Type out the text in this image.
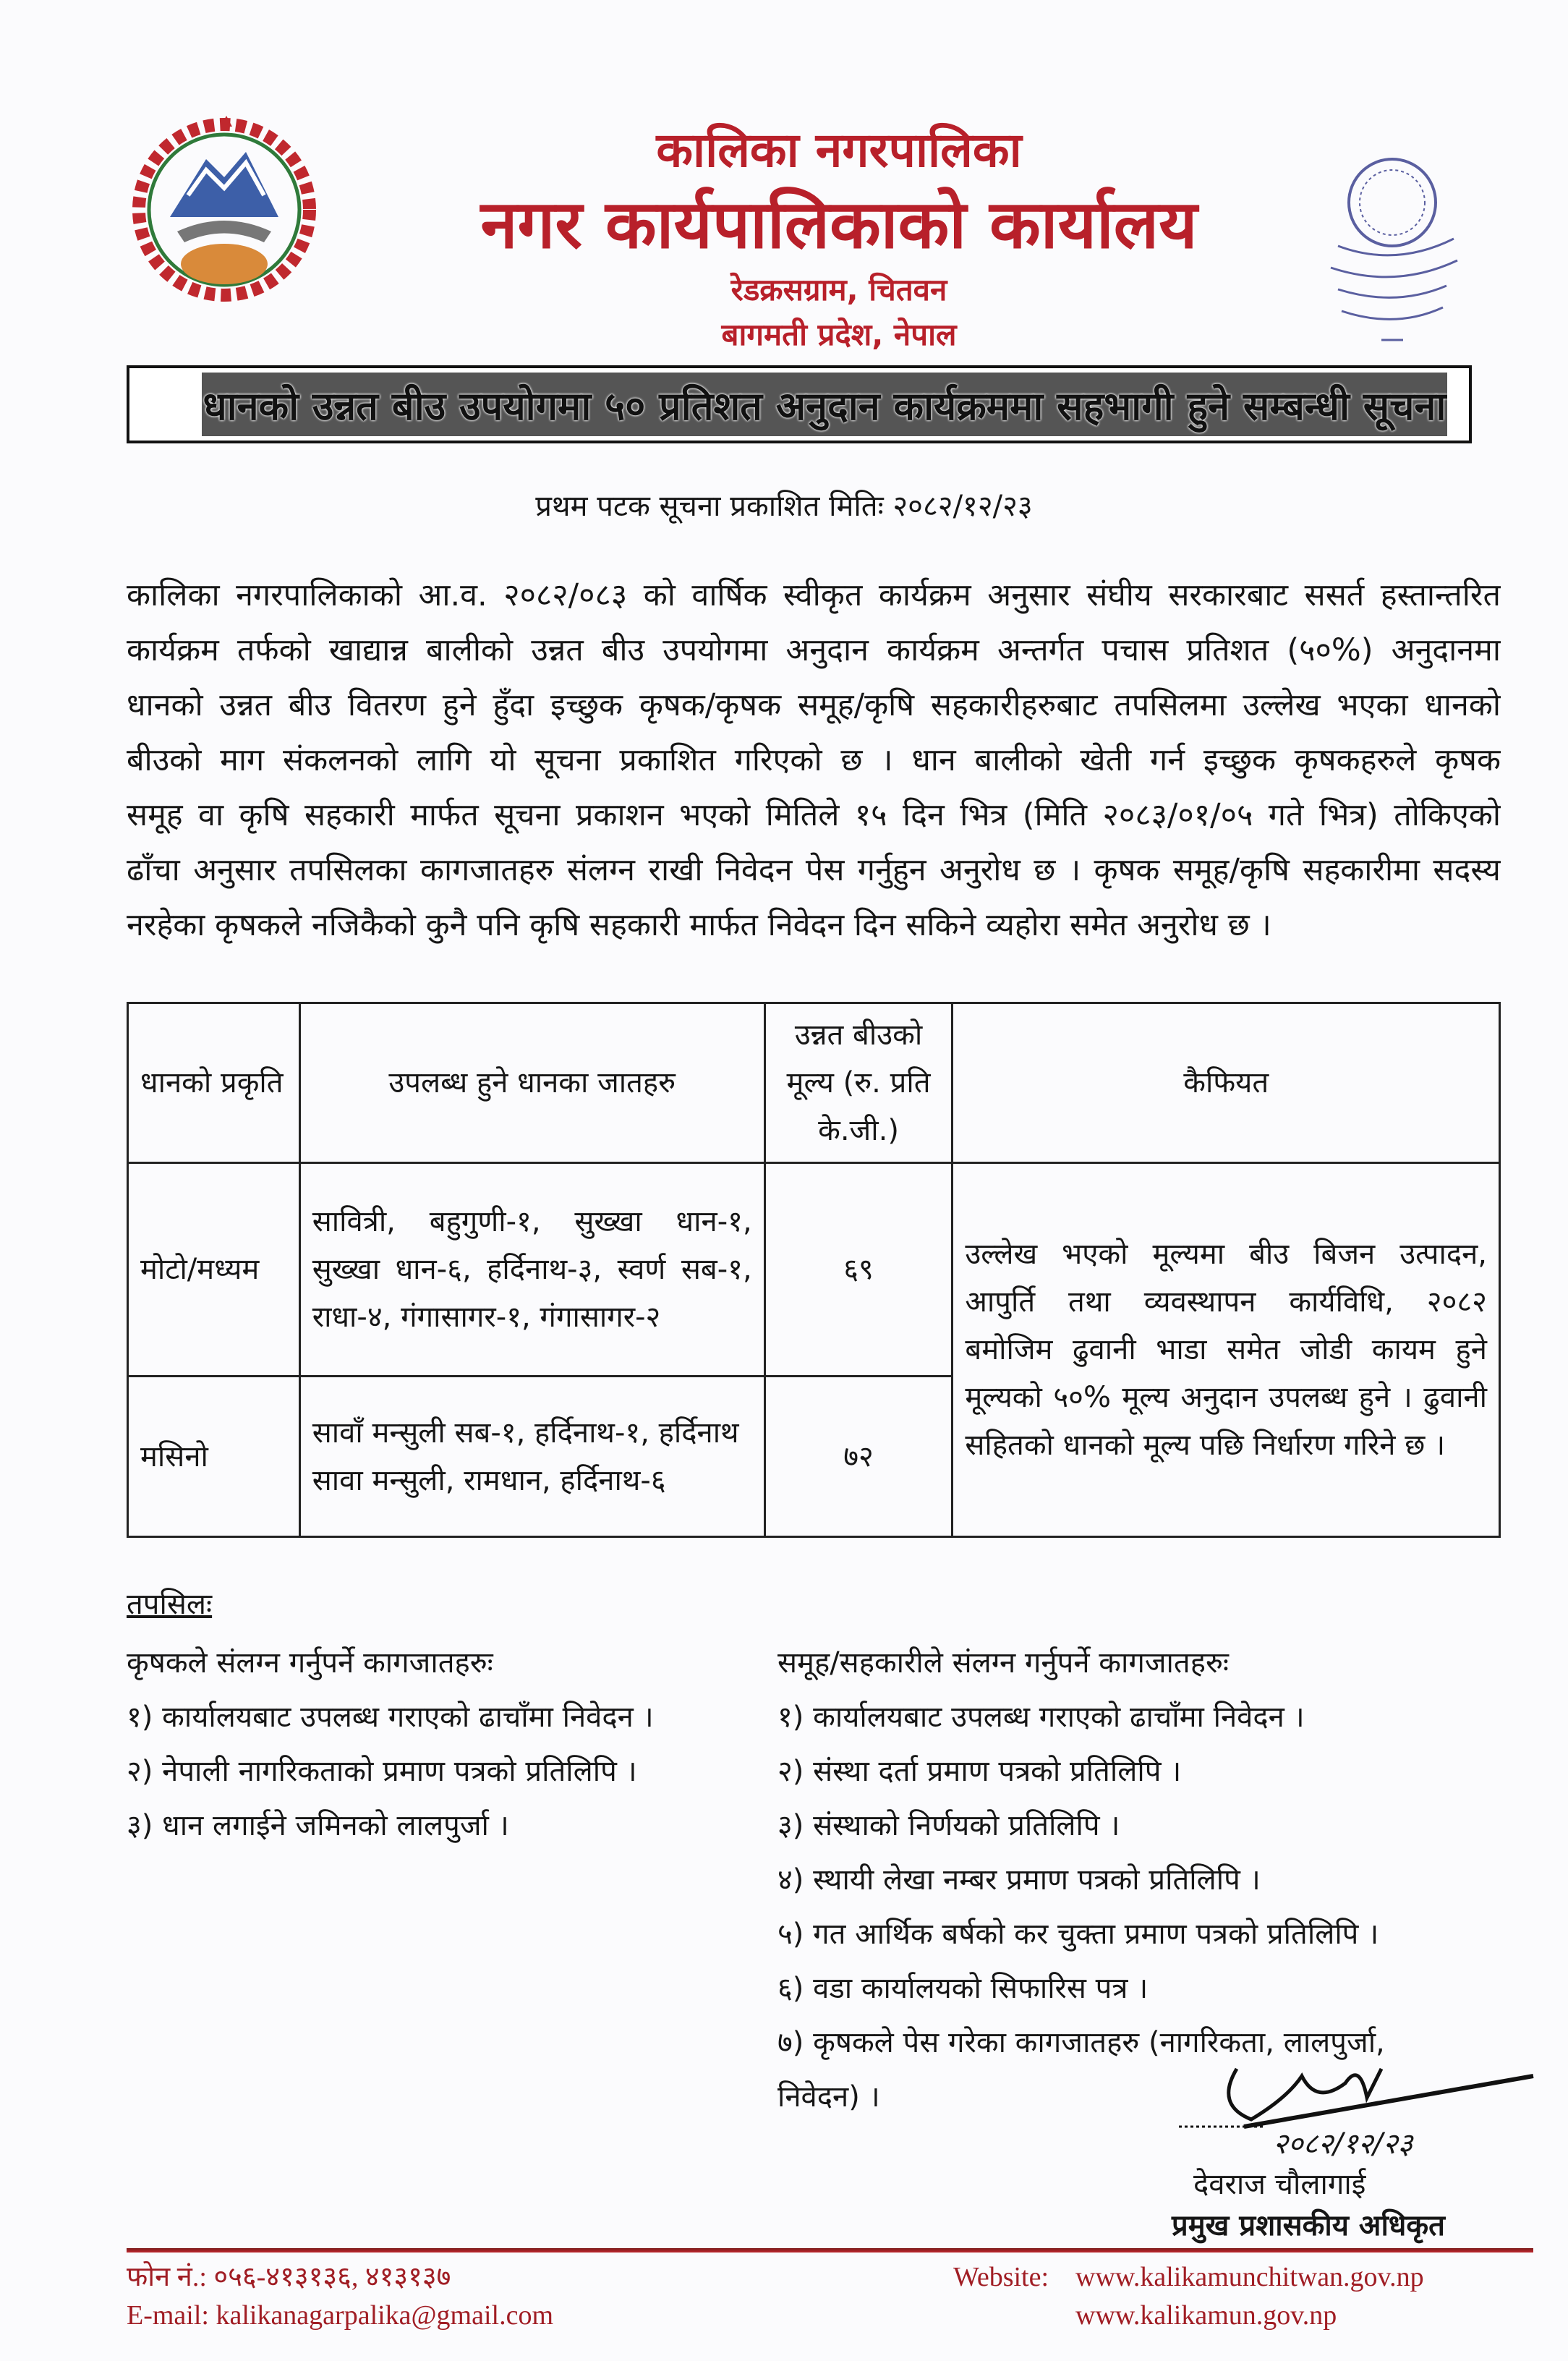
कालिका नगरपालिका
नगर कार्यपालिकाको कार्यालय
रेडक्रसग्राम, चितवन
बागमती प्रदेश, नेपाल
धानको उन्नत बीउ उपयोगमा ५० प्रतिशत अनुदान कार्यक्रममा सहभागी हुने सम्बन्धी सूचना
प्रथम पटक सूचना प्रकाशित मितिः २०८२/१२/२३
कालिका नगरपालिकाको आ.व. २०८२/०८३ को वार्षिक स्वीकृत कार्यक्रम अनुसार संघीय सरकारबाट ससर्त हस्तान्तरित
कार्यक्रम तर्फको खाद्यान्न बालीको उन्नत बीउ उपयोगमा अनुदान कार्यक्रम अन्तर्गत पचास प्रतिशत (५०%) अनुदानमा
धानको उन्नत बीउ वितरण हुने हुँदा इच्छुक कृषक/कृषक समूह/कृषि सहकारीहरुबाट तपसिलमा उल्लेख भएका धानको
बीउको माग संकलनको लागि यो सूचना प्रकाशित गरिएको छ । धान बालीको खेती गर्न इच्छुक कृषकहरुले कृषक
समूह वा कृषि सहकारी मार्फत सूचना प्रकाशन भएको मितिले १५ दिन भित्र (मिति २०८३/०१/०५ गते भित्र) तोकिएको
ढाँचा अनुसार तपसिलका कागजातहरु संलग्न राखी निवेदन पेस गर्नुहुन अनुरोध छ । कृषक समूह/कृषि सहकारीमा सदस्य
नरहेका कृषकले नजिकैको कुनै पनि कृषि सहकारी मार्फत निवेदन दिन सकिने व्यहोरा समेत अनुरोध छ ।
धानको प्रकृति	उपलब्ध हुने धानका जातहरु	उन्नत बीउको मूल्य (रु. प्रति के.जी.)	कैफियत
मोटो/मध्यम	सावित्री, बहुगुणी-१, सुख्खा धान-१, सुख्खा धान-६, हर्दिनाथ-३, स्वर्ण सब-१, राधा-४, गंगासागर-१, गंगासागर-२	६९	उल्लेख भएको मूल्यमा बीउ बिजन उत्पादन, आपुर्ति तथा व्यवस्थापन कार्यविधि, २०८२ बमोजिम ढुवानी भाडा समेत जोडी कायम हुने मूल्यको ५०% मूल्य अनुदान उपलब्ध हुने । ढुवानी सहितको धानको मूल्य पछि निर्धारण गरिने छ ।
मसिनो	सावाँ मन्सुली सब-१, हर्दिनाथ-१, हर्दिनाथ सावा मन्सुली, रामधान, हर्दिनाथ-६	७२	
तपसिलः
कृषकले संलग्न गर्नुपर्ने कागजातहरुः
१) कार्यालयबाट उपलब्ध गराएको ढाचाँमा निवेदन ।
२) नेपाली नागरिकताको प्रमाण पत्रको प्रतिलिपि ।
३) धान लगाईने जमिनको लालपुर्जा ।
समूह/सहकारीले संलग्न गर्नुपर्ने कागजातहरुः
१) कार्यालयबाट उपलब्ध गराएको ढाचाँमा निवेदन ।
२) संस्था दर्ता प्रमाण पत्रको प्रतिलिपि ।
३) संस्थाको निर्णयको प्रतिलिपि ।
४) स्थायी लेखा नम्बर प्रमाण पत्रको प्रतिलिपि ।
५) गत आर्थिक बर्षको कर चुक्ता प्रमाण पत्रको प्रतिलिपि ।
६) वडा कार्यालयको सिफारिस पत्र ।
७) कृषकले पेस गरेका कागजातहरु (नागरिकता, लालपुर्जा,
निवेदन) ।
२०८२/१२/२३
देवराज चौलागाई
प्रमुख प्रशासकीय अधिकृत
फोन नं.: ०५६-४१३१३६, ४१३१३७
E-mail: kalikanagarpalika@gmail.com
Website: www.kalikamunchitwan.gov.np
www.kalikamun.gov.np
